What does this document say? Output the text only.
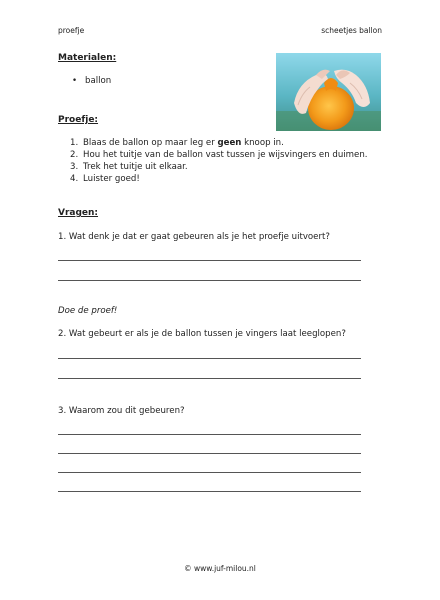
proefje	scheetjes ballon
Materialen:
• ballon
Proefje:
1. Blaas de ballon op maar leg er geen knoop in.
2. Hou het tuitje van de ballon vast tussen je wijsvingers en duimen.
3. Trek het tuitje uit elkaar.
4. Luister goed!
Vragen:
1. Wat denk je dat er gaat gebeuren als je het proefje uitvoert?
Doe de proef!
2. Wat gebeurt er als je de ballon tussen je vingers laat leeglopen?
3. Waarom zou dit gebeuren?
© www.juf-milou.nl
